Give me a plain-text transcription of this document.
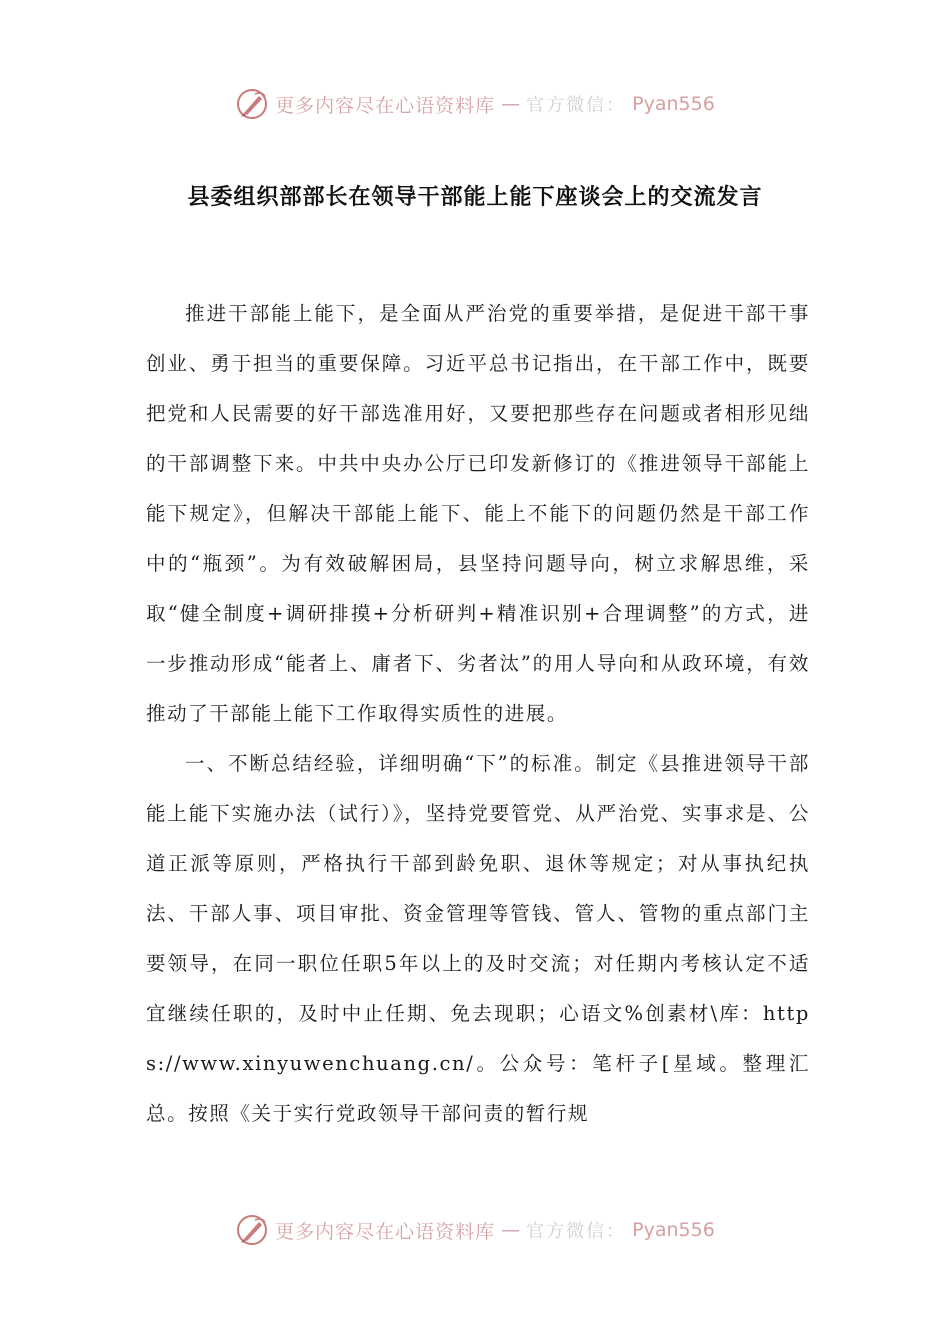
更多内容尽在心语资料库 — 官方微信： Pyan556
县委组织部部长在领导干部能上能下座谈会上的交流发言

推进干部能上能下，是全面从严治党的重要举措，是促进干部干事创业、勇于担当的重要保障。习近平总书记指出，在干部工作中，既要把党和人民需要的好干部选准用好，又要把那些存在问题或者相形见绌的干部调整下来。中共中央办公厅已印发新修订的《推进领导干部能上能下规定》，但解决干部能上能下、能上不能下的问题仍然是干部工作中的“瓶颈”。为有效破解困局，县坚持问题导向，树立求解思维，采取“健全制度+调研排摸+分析研判+精准识别+合理调整”的方式，进一步推动形成“能者上、庸者下、劣者汰”的用人导向和从政环境，有效推动了干部能上能下工作取得实质性的进展。

一、不断总结经验，详细明确“下”的标准。制定《县推进领导干部能上能下实施办法（试行）》，坚持党要管党、从严治党、实事求是、公道正派等原则，严格执行干部到龄免职、退休等规定；对从事执纪执法、干部人事、项目审批、资金管理等管钱、管人、管物的重点部门主要领导，在同一职位任职5年以上的及时交流；对任期内考核认定不适宜继续任职的，及时中止任期、免去现职；心语文%创素材\库：https://www.xinyuwenchuang.cn/。公众号：笔杆子[星域。整理汇总。按照《关于实行党政领导干部问责的暂行规

更多内容尽在心语资料库 — 官方微信： Pyan556
